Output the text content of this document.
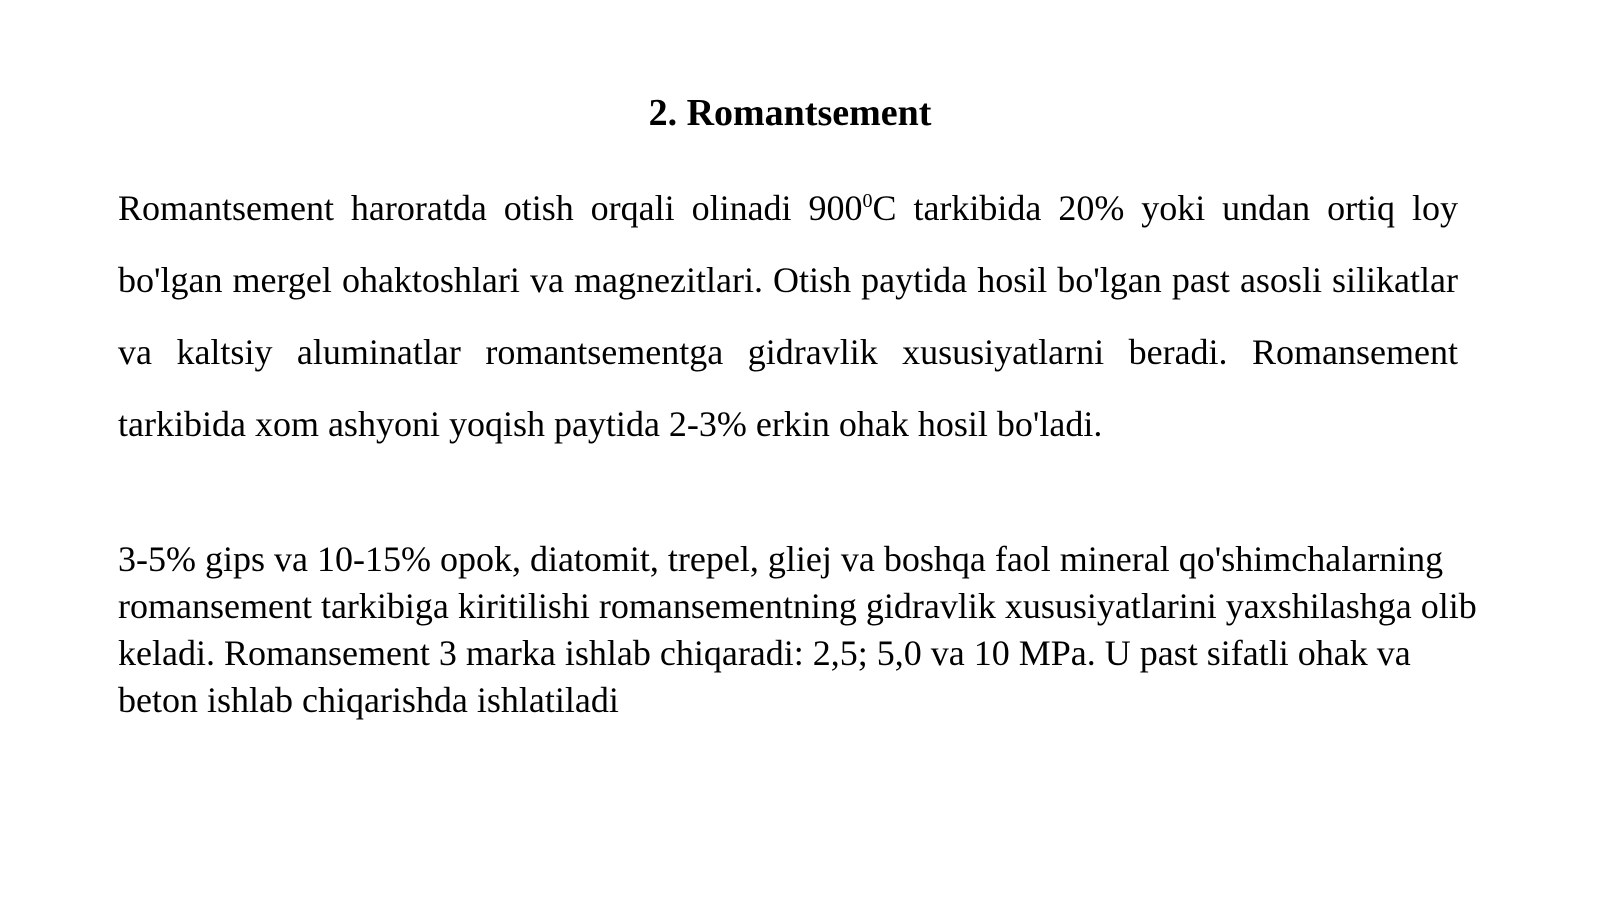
2. Romantsement

Romantsement haroratda otish orqali olinadi $900^0C$ tarkibida 20% yoki undan ortiq loy bo'lgan mergel ohaktoshlari va magnezitlari. Otish paytida hosil bo'lgan past asosli silikatlar va kaltsiy aluminatlar romantsementga gidravlik xususiyatlarni beradi. Romansement tarkibida xom ashyoni yoqish paytida 2-3% erkin ohak hosil bo'ladi.

3-5% gips va 10-15% opok, diatomit, trepel, gliej va boshqa faol mineral qo'shimchalarning romansement tarkibiga kiritilishi romansementning gidravlik xususiyatlarini yaxshilashga olib keladi. Romansement 3 marka ishlab chiqaradi: 2,5; 5,0 va 10 MPa. U past sifatli ohak va beton ishlab chiqarishda ishlatiladi
